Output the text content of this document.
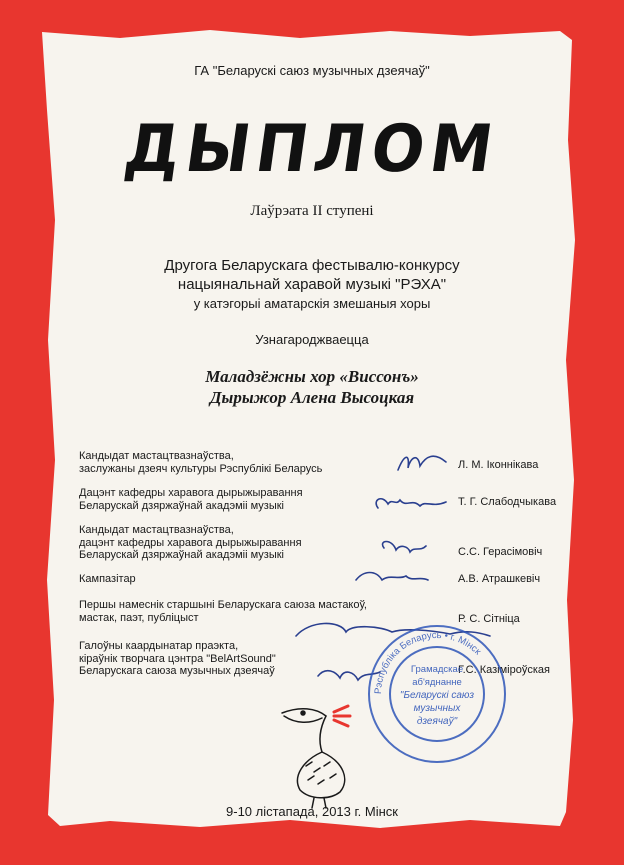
ГА "Беларускі саюз музычных дзеячаў"
ДЫПЛОМ
Лаўрэата II ступені
Другога Беларускага фестывалю-конкурсу
нацыянальнай харавой музыкі "РЭХА"
у катэгорыі аматарскія змешаныя хоры
Узнагароджваецца
Маладзёжны хор «Виссонъ»
Дырыжор Алена Высоцкая
Кандыдат мастацтвазнаўства,
заслужаны дзеяч культуры Рэспублікі Беларусь	Л. М. Іконнікава
Дацэнт кафедры харавога дырыжыравання
Беларускай дзяржаўнай акадэміі музыкі	Т. Г. Слабодчыкава
Кандыдат мастацтвазнаўства,
дацэнт кафедры харавога дырыжыравання
Беларускай дзяржаўнай акадэміі музыкі	С.С. Герасімовіч
Кампазітар	А.В. Атрашкевіч
Першы намеснік старшыні Беларускага саюза мастакоў,
мастак, паэт, публіцыст	Р. С. Сітніца
Галоўны каардынатар праэкта,
кіраўнік творчага цэнтра "BelArtSound"
Беларускага саюза музычных дзеячаў	Г.С. Казіміроўская
Рэспубліка Беларусь • г. Мінск
Грамадскае
аб'яднанне
"Беларускі саюз
музычных
дзеячаў"
9-10 лістапада, 2013 г. Мінск
